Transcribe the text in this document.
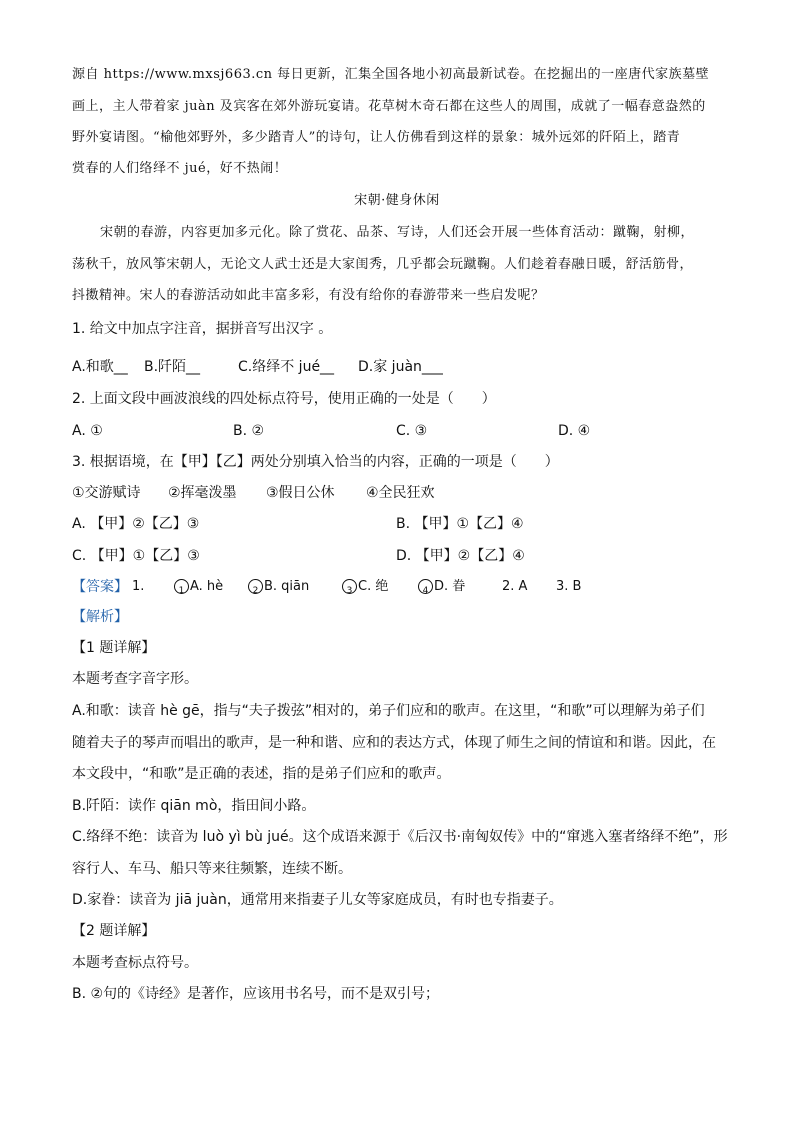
源自 https://www.mxsj663.cn 每日更新，汇集全国各地小初高最新试卷。在挖掘出的一座唐代家族墓壁
画上，主人带着家 juàn 及宾客在郊外游玩宴请。花草树木奇石都在这些人的周围，成就了一幅春意盎然的
野外宴请图。“榆他郊野外，多少踏青人”的诗句，让人仿佛看到这样的景象：城外远郊的阡陌上，踏青
赏春的人们络绎不 jué，好不热闹！
宋朝·健身休闲
宋朝的春游，内容更加多元化。除了赏花、品茶、写诗，人们还会开展一些体育活动：蹴鞠，射柳，
荡秋千，放风筝宋朝人，无论文人武士还是大家闺秀，几乎都会玩蹴鞠。人们趁着春融日暖，舒活筋骨，
抖擞精神。宋人的春游活动如此丰富多彩，有没有给你的春游带来一些启发呢？
1. 给文中加点字注音，据拼音写出汉字 。
A.和歌__ B.阡陌__	C.络绎不 jué__ D.家 juàn___
2. 上面文段中画波浪线的四处标点符号，使用正确的一处是（　　）
A. ①	B. ②	C. ③	D. ④
3. 根据语境，在【甲】【乙】两处分别填入恰当的内容，正确的一项是（　　）
①交游赋诗 ②挥毫泼墨 ③假日公休 ④全民狂欢
A. 【甲】②【乙】③	B. 【甲】①【乙】④
C. 【甲】①【乙】③	D. 【甲】②【乙】④
【答案】 1.	1 A. hè	2 B. qiān	3 C. 绝	4 D. 眷	2. A 3. B
【解析】
【1 题详解】
本题考查字音字形。
A.和歌：读音 hè gē，指与“夫子拨弦”相对的，弟子们应和的歌声。在这里，“和歌”可以理解为弟子们
随着夫子的琴声而唱出的歌声，是一种和谐、应和的表达方式，体现了师生之间的情谊和和谐。因此，在
本文段中，“和歌”是正确的表述，指的是弟子们应和的歌声。
B.阡陌：读作 qiān mò，指田间小路。
C.络绎不绝：读音为 luò yì bù jué。这个成语来源于《后汉书·南匈奴传》中的“窜逃入塞者络绎不绝”，形
容行人、车马、船只等来往频繁，连续不断。
D.家眷：读音为 jiā juàn，通常用来指妻子儿女等家庭成员，有时也专指妻子。
【2 题详解】
本题考查标点符号。
B. ②句的《诗经》是著作，应该用书名号，而不是双引号；
